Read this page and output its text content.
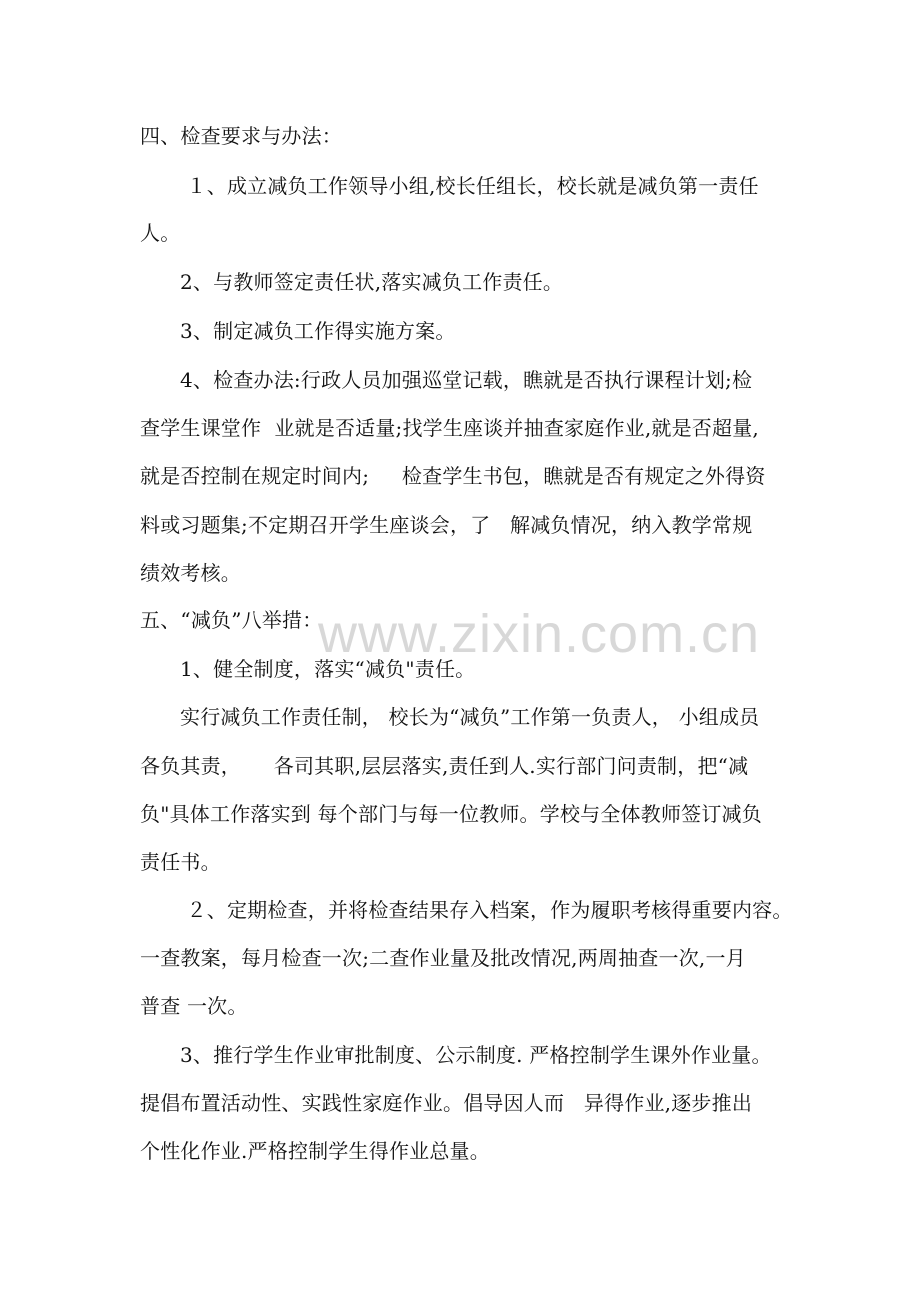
四、检查要求与办法：
１、成立减负工作领导小组,校长任组长，校长就是减负第一责任
人。
2、与教师签定责任状,落实减负工作责任。
3、制定减负工作得实施方案。
4、检查办法:行政人员加强巡堂记载，瞧就是否执行课程计划;检
查学生课堂作  业就是否适量;找学生座谈并抽查家庭作业,就是否超量,
就是否控制在规定时间内;     检查学生书包，瞧就是否有规定之外得资
料或习题集;不定期召开学生座谈会，了   解减负情况，纳入教学常规
绩效考核。
五、“减负”八举措：
1、健全制度，落实“减负"责任。
实行减负工作责任制， 校长为“减负”工作第一负责人， 小组成员
各负其责，     各司其职,层层落实,责任到人.实行部门问责制，把“减
负"具体工作落实到 每个部门与每一位教师。学校与全体教师签订减负
责任书。
２、定期检查，并将检查结果存入档案，作为履职考核得重要内容。
一查教案，每月检查一次;二查作业量及批改情况,两周抽查一次,一月
普查 一次。
3、推行学生作业审批制度、公示制度. 严格控制学生课外作业量。
提倡布置活动性、实践性家庭作业。倡导因人而   异得作业,逐步推出
个性化作业.严格控制学生得作业总量。
www.zixin.com.cn
